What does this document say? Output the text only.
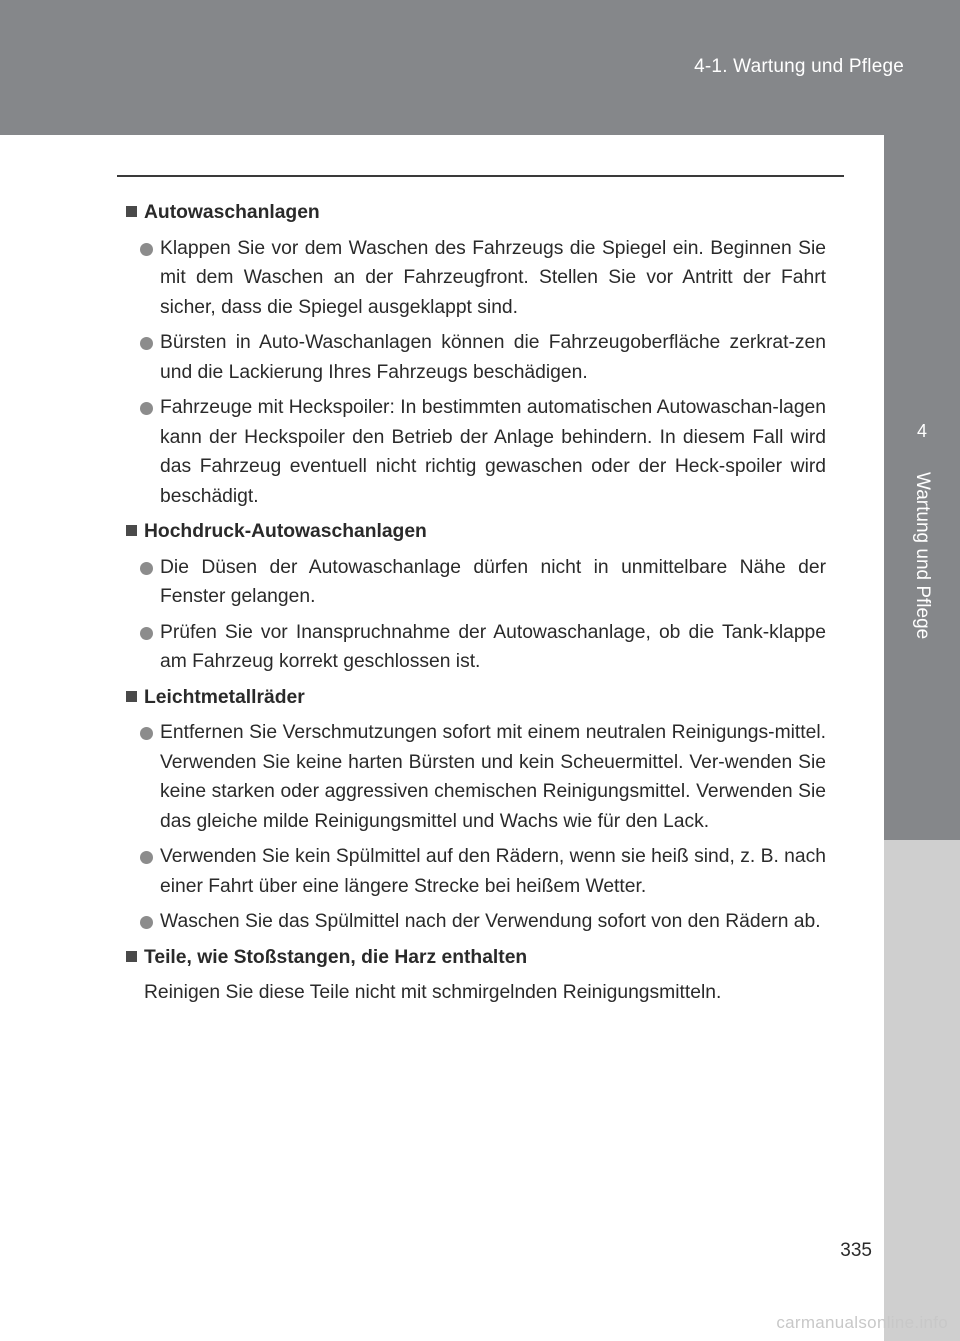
4-1. Wartung und Pflege
4
Wartung und Pflege
Autowaschanlagen
Klappen Sie vor dem Waschen des Fahrzeugs die Spiegel ein. Beginnen Sie mit dem Waschen an der Fahrzeugfront. Stellen Sie vor Antritt der Fahrt sicher, dass die Spiegel ausgeklappt sind.
Bürsten in Auto-Waschanlagen können die Fahrzeugoberfläche zerkrat-zen und die Lackierung Ihres Fahrzeugs beschädigen.
Fahrzeuge mit Heckspoiler: In bestimmten automatischen Autowaschan-lagen kann der Heckspoiler den Betrieb der Anlage behindern. In diesem Fall wird das Fahrzeug eventuell nicht richtig gewaschen oder der Heck-spoiler wird beschädigt.
Hochdruck-Autowaschanlagen
Die Düsen der Autowaschanlage dürfen nicht in unmittelbare Nähe der Fenster gelangen.
Prüfen Sie vor Inanspruchnahme der Autowaschanlage, ob die Tank-klappe am Fahrzeug korrekt geschlossen ist.
Leichtmetallräder
Entfernen Sie Verschmutzungen sofort mit einem neutralen Reinigungs-mittel. Verwenden Sie keine harten Bürsten und kein Scheuermittel. Ver-wenden Sie keine starken oder aggressiven chemischen Reinigungsmittel. Verwenden Sie das gleiche milde Reinigungsmittel und Wachs wie für den Lack.
Verwenden Sie kein Spülmittel auf den Rädern, wenn sie heiß sind, z. B. nach einer Fahrt über eine längere Strecke bei heißem Wetter.
Waschen Sie das Spülmittel nach der Verwendung sofort von den Rädern ab.
Teile, wie Stoßstangen, die Harz enthalten
Reinigen Sie diese Teile nicht mit schmirgelnden Reinigungsmitteln.
335
carmanualsonline.info
